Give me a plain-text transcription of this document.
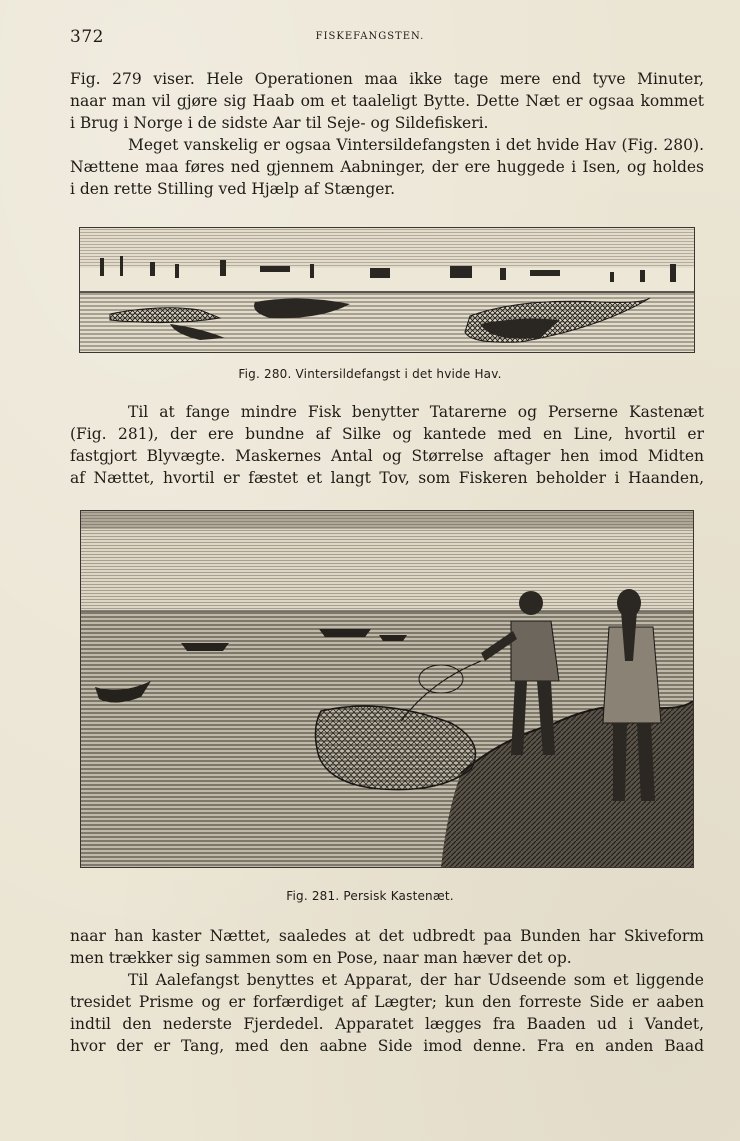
372	FISKEFANGSTEN.
Fig. 279 viser. Hele Operationen maa ikke tage mere end tyve Minuter,
naar man vil gjøre sig Haab om et taaleligt Bytte. Dette Næt er ogsaa kommet
i Brug i Norge i de sidste Aar til Seje- og Sildefiskeri.
Meget vanskelig er ogsaa Vintersildefangsten i det hvide Hav (Fig. 280).
Nættene maa føres ned gjennem Aabninger, der ere huggede i Isen, og holdes
i den rette Stilling ved Hjælp af Stænger.
Fig. 280. Vintersildefangst i det hvide Hav.
Til at fange mindre Fisk benytter Tatarerne og Perserne Kastenæt
(Fig. 281), der ere bundne af Silke og kantede med en Line, hvortil er
fastgjort Blyvægte. Maskernes Antal og Størrelse aftager hen imod Midten
af Nættet, hvortil er fæstet et langt Tov, som Fiskeren beholder i Haanden,
Fig. 281. Persisk Kastenæt.
naar han kaster Nættet, saaledes at det udbredt paa Bunden har Skiveform
men trækker sig sammen som en Pose, naar man hæver det op.
Til Aalefangst benyttes et Apparat, der har Udseende som et liggende
tresidet Prisme og er forfærdiget af Lægter; kun den forreste Side er aaben
indtil den nederste Fjerdedel. Apparatet lægges fra Baaden ud i Vandet,
hvor der er Tang, med den aabne Side imod denne. Fra en anden Baad
